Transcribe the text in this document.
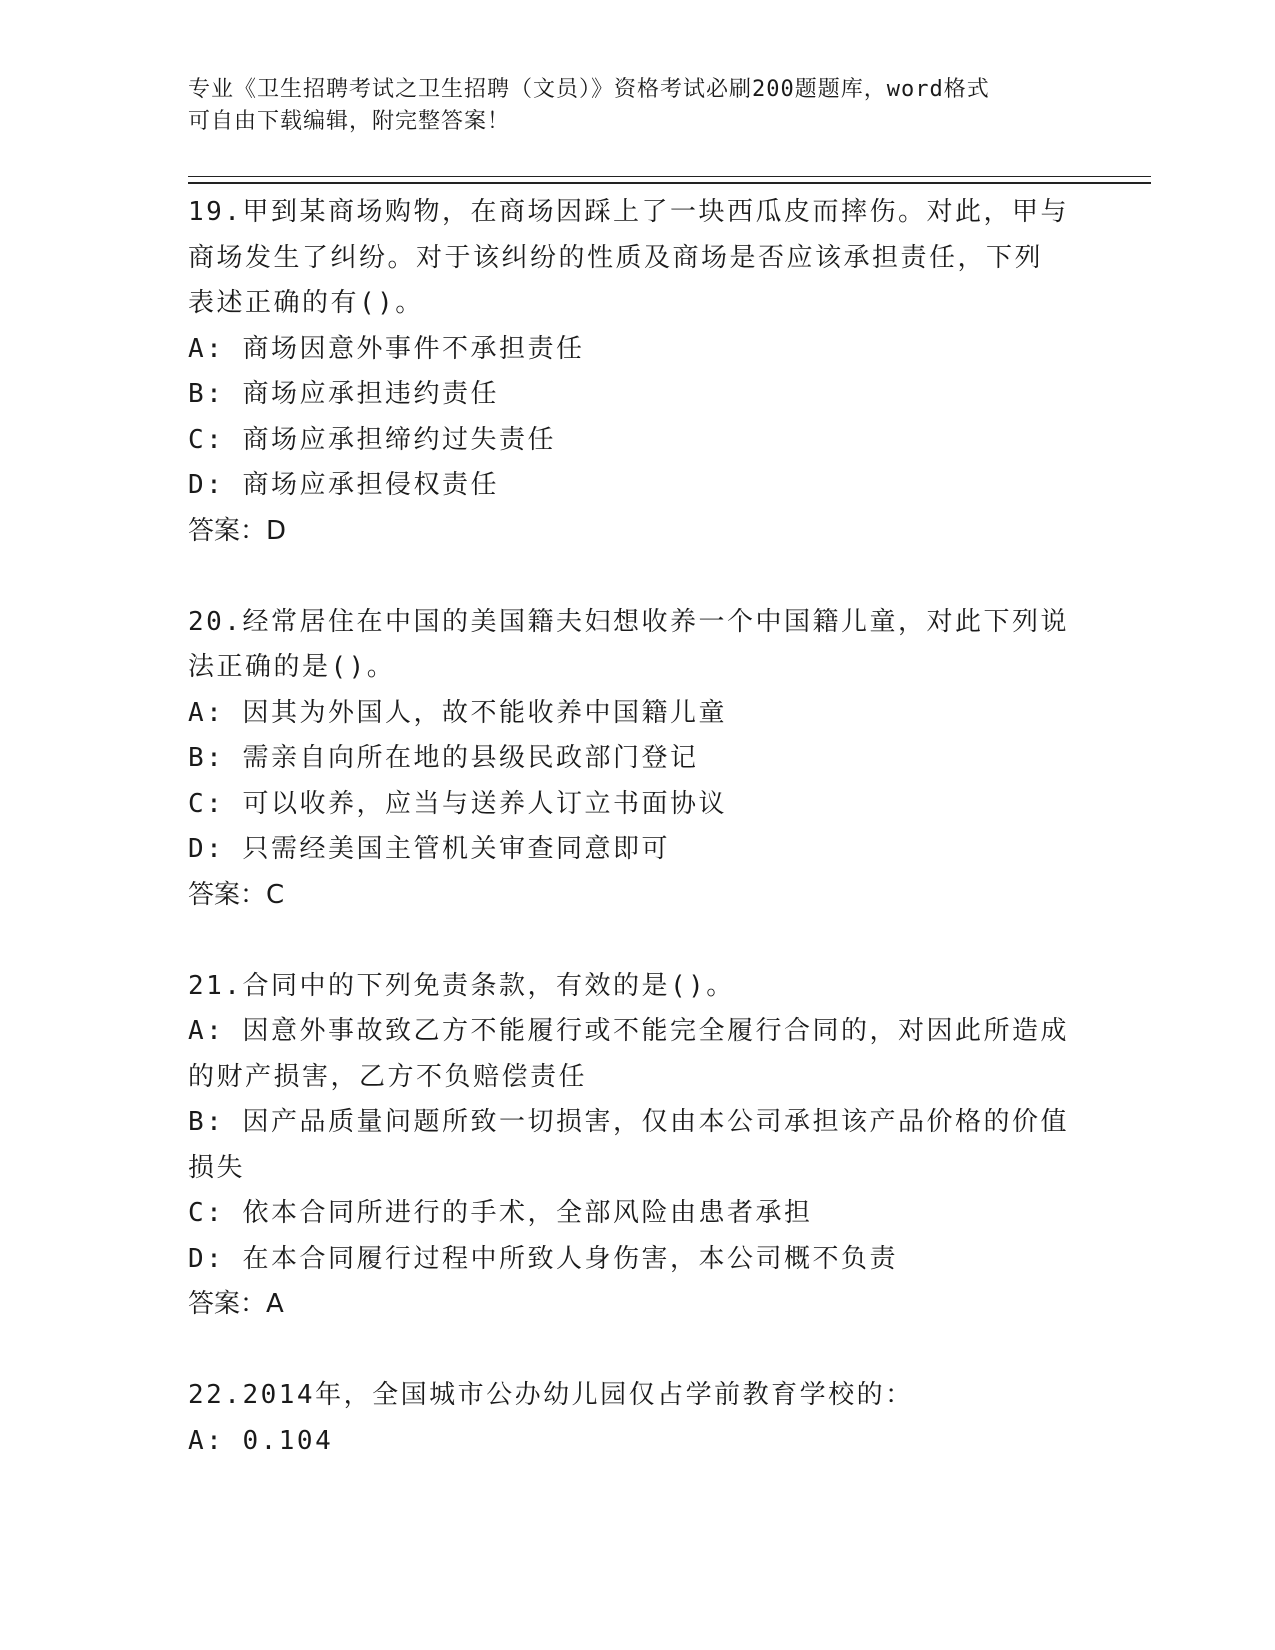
专业《卫生招聘考试之卫生招聘（文员）》资格考试必刷200题题库，word格式
可自由下载编辑，附完整答案！
19.甲到某商场购物，在商场因踩上了一块西瓜皮而摔伤。对此，甲与
商场发生了纠纷。对于该纠纷的性质及商场是否应该承担责任，下列
表述正确的有()。
A: 商场因意外事件不承担责任
B: 商场应承担违约责任
C: 商场应承担缔约过失责任
D: 商场应承担侵权责任
答案：D
20.经常居住在中国的美国籍夫妇想收养一个中国籍儿童，对此下列说
法正确的是()。
A: 因其为外国人，故不能收养中国籍儿童
B: 需亲自向所在地的县级民政部门登记
C: 可以收养，应当与送养人订立书面协议
D: 只需经美国主管机关审查同意即可
答案：C
21.合同中的下列免责条款，有效的是()。
A: 因意外事故致乙方不能履行或不能完全履行合同的，对因此所造成
的财产损害，乙方不负赔偿责任
B: 因产品质量问题所致一切损害，仅由本公司承担该产品价格的价值
损失
C: 依本合同所进行的手术，全部风险由患者承担
D: 在本合同履行过程中所致人身伤害，本公司概不负责
答案：A
22.2014年，全国城市公办幼儿园仅占学前教育学校的：
A: 0.104
